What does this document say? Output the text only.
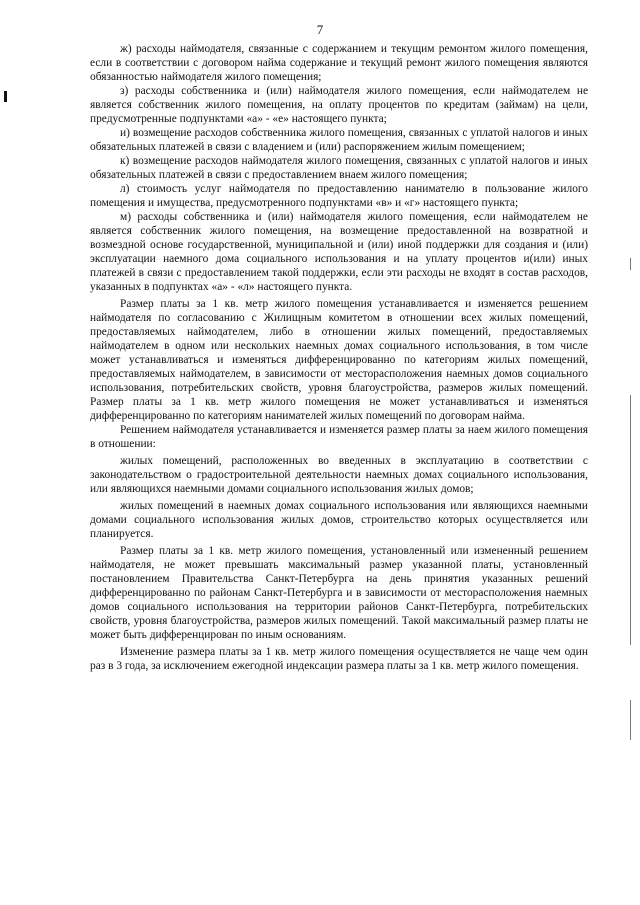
7

ж) расходы наймодателя, связанные с содержанием и текущим ремонтом жилого помещения, если в соответствии с договором найма содержание и текущий ремонт жилого помещения являются обязанностью наймодателя жилого помещения;

з) расходы собственника и (или) наймодателя жилого помещения, если наймодателем не является собственник жилого помещения, на оплату процентов по кредитам (займам) на цели, предусмотренные подпунктами «а» - «е» настоящего пункта;

и) возмещение расходов собственника жилого помещения, связанных с уплатой налогов и иных обязательных платежей в связи с владением и (или) распоряжением жилым помещением;

к) возмещение расходов наймодателя жилого помещения, связанных с уплатой налогов и иных обязательных платежей в связи с предоставлением внаем жилого помещения;

л) стоимость услуг наймодателя по предоставлению нанимателю в пользование жилого помещения и имущества, предусмотренного подпунктами «в» и «г» настоящего пункта;

м) расходы собственника и (или) наймодателя жилого помещения, если наймодателем не является собственник жилого помещения, на возмещение предоставленной на возвратной и возмездной основе государственной, муниципальной и (или) иной поддержки для создания и (или) эксплуатации наемного дома социального использования и на уплату процентов и(или) иных платежей в связи с предоставлением такой поддержки, если эти расходы не входят в состав расходов, указанных в подпунктах «а» - «л» настоящего пункта.

Размер платы за 1 кв. метр жилого помещения устанавливается и изменяется решением наймодателя по согласованию с Жилищным комитетом в отношении всех жилых помещений, предоставляемых наймодателем, либо в отношении жилых помещений, предоставляемых наймодателем в одном или нескольких наемных домах социального использования, в том числе может устанавливаться и изменяться дифференцированно по категориям жилых помещений, предоставляемых наймодателем, в зависимости от месторасположения наемных домов социального использования, потребительских свойств, уровня благоустройства, размеров жилых помещений. Размер платы за 1 кв. метр жилого помещения не может устанавливаться и изменяться дифференцированно по категориям нанимателей жилых помещений по договорам найма.

Решением наймодателя устанавливается и изменяется размер платы за наем жилого помещения в отношении:

жилых помещений, расположенных во введенных в эксплуатацию в соответствии с законодательством о градостроительной деятельности наемных домах социального использования, или являющихся наемными домами социального использования жилых домов;

жилых помещений в наемных домах социального использования или являющихся наемными домами социального использования жилых домов, строительство которых осуществляется или планируется.

Размер платы за 1 кв. метр жилого помещения, установленный или измененный решением наймодателя, не может превышать максимальный размер указанной платы, установленный постановлением Правительства Санкт-Петербурга на день принятия указанных решений дифференцированно по районам Санкт-Петербурга и в зависимости от месторасположения наемных домов социального использования на территории районов Санкт-Петербурга, потребительских свойств, уровня благоустройства, размеров жилых помещений. Такой максимальный размер платы не может быть дифференцирован по иным основаниям.

Изменение размера платы за 1 кв. метр жилого помещения осуществляется не чаще чем один раз в 3 года, за исключением ежегодной индексации размера платы за 1 кв. метр жилого помещения.
